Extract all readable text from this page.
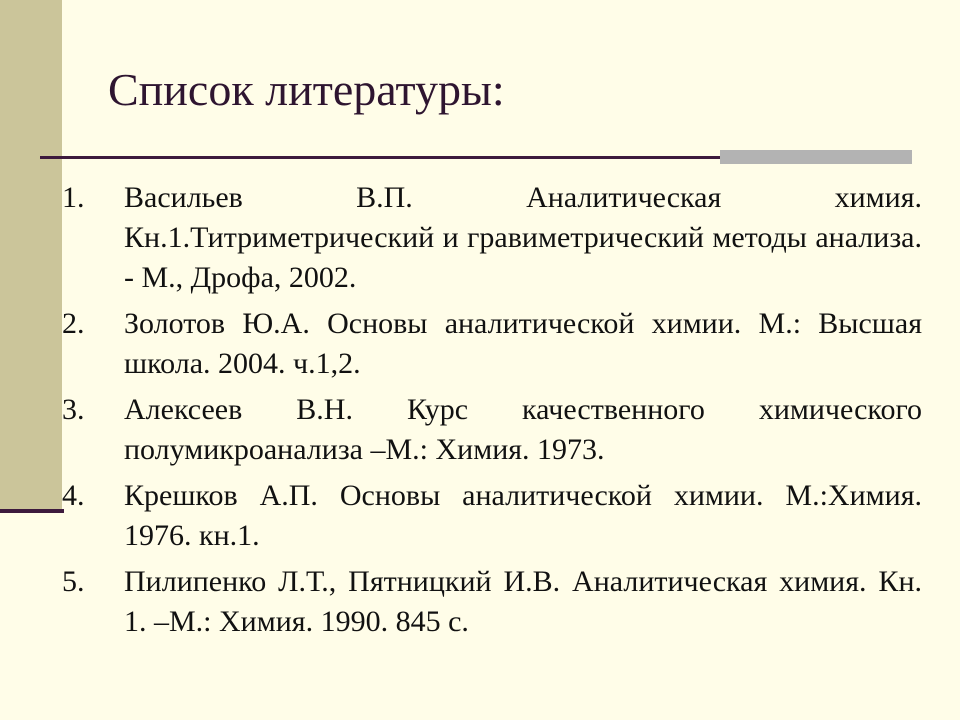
Список литературы:
1. Васильев В.П. Аналитическая химия. Кн.1.Титриметрический и гравиметрический методы анализа. - М., Дрофа, 2002.
2. Золотов Ю.А. Основы аналитической химии. М.: Высшая школа. 2004. ч.1,2.
3. Алексеев В.Н. Курс качественного химического полумикроанализа –М.: Химия. 1973.
4. Крешков А.П. Основы аналитической химии. М.:Химия. 1976. кн.1.
5. Пилипенко Л.Т., Пятницкий И.В. Аналитическая химия. Кн. 1. –М.: Химия. 1990. 845 с.
